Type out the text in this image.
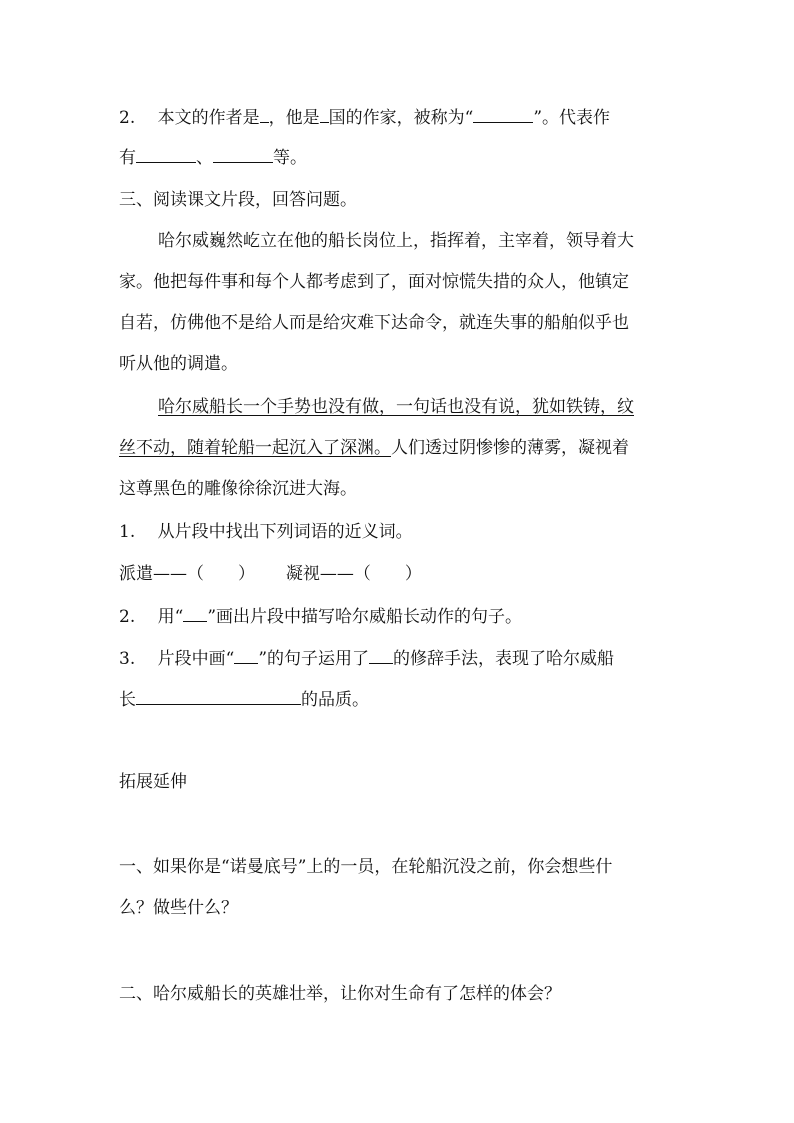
2.　 本文的作者是 ，他是 国的作家，被称为“	”。代表作
有	、	等。
三、阅读课文片段，回答问题。
哈尔威巍然屹立在他的船长岗位上，指挥着，主宰着，领导着大
家。他把每件事和每个人都考虑到了，面对惊慌失措的众人，他镇定
自若，仿佛他不是给人而是给灾难下达命令，就连失事的船舶似乎也
听从他的调遣。
哈尔威船长一个手势也没有做，一句话也没有说，犹如铁铸，纹
丝不动，随着轮船一起沉入了深渊。人们透过阴惨惨的薄雾，凝视着
这尊黑色的雕像徐徐沉进大海。
1.　 从片段中找出下列词语的近义词。
派遣——（　　）　　 凝视——（　　）
2.　 用“ ”画出片段中描写哈尔威船长动作的句子。
3.　 片段中画“ ”的句子运用了 的修辞手法，表现了哈尔威船
长	的品质。
拓展延伸
一、如果你是“诺曼底号”上的一员，在轮船沉没之前，你会想些什
么？做些什么？
二、哈尔威船长的英雄壮举，让你对生命有了怎样的体会？
